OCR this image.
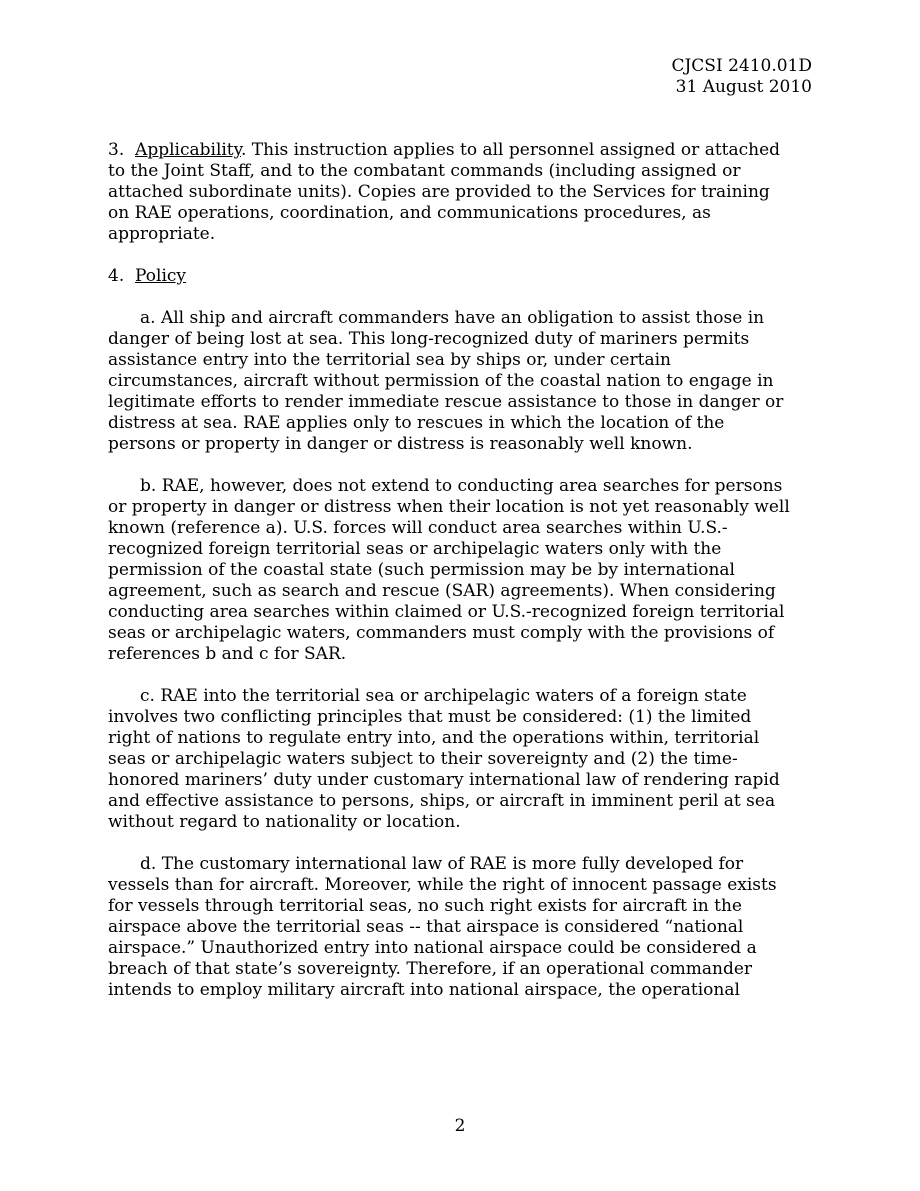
CJCSI 2410.01D
31 August 2010
3. Applicability. This instruction applies to all personnel assigned or attached
to the Joint Staff, and to the combatant commands (including assigned or
attached subordinate units). Copies are provided to the Services for training
on RAE operations, coordination, and communications procedures, as
appropriate.
4. Policy
a. All ship and aircraft commanders have an obligation to assist those in
danger of being lost at sea. This long-recognized duty of mariners permits
assistance entry into the territorial sea by ships or, under certain
circumstances, aircraft without permission of the coastal nation to engage in
legitimate efforts to render immediate rescue assistance to those in danger or
distress at sea. RAE applies only to rescues in which the location of the
persons or property in danger or distress is reasonably well known.
b. RAE, however, does not extend to conducting area searches for persons
or property in danger or distress when their location is not yet reasonably well
known (reference a). U.S. forces will conduct area searches within U.S.-
recognized foreign territorial seas or archipelagic waters only with the
permission of the coastal state (such permission may be by international
agreement, such as search and rescue (SAR) agreements). When considering
conducting area searches within claimed or U.S.-recognized foreign territorial
seas or archipelagic waters, commanders must comply with the provisions of
references b and c for SAR.
c. RAE into the territorial sea or archipelagic waters of a foreign state
involves two conflicting principles that must be considered: (1) the limited
right of nations to regulate entry into, and the operations within, territorial
seas or archipelagic waters subject to their sovereignty and (2) the time-
honored mariners’ duty under customary international law of rendering rapid
and effective assistance to persons, ships, or aircraft in imminent peril at sea
without regard to nationality or location.
d. The customary international law of RAE is more fully developed for
vessels than for aircraft. Moreover, while the right of innocent passage exists
for vessels through territorial seas, no such right exists for aircraft in the
airspace above the territorial seas -- that airspace is considered “national
airspace.” Unauthorized entry into national airspace could be considered a
breach of that state’s sovereignty. Therefore, if an operational commander
intends to employ military aircraft into national airspace, the operational
2
